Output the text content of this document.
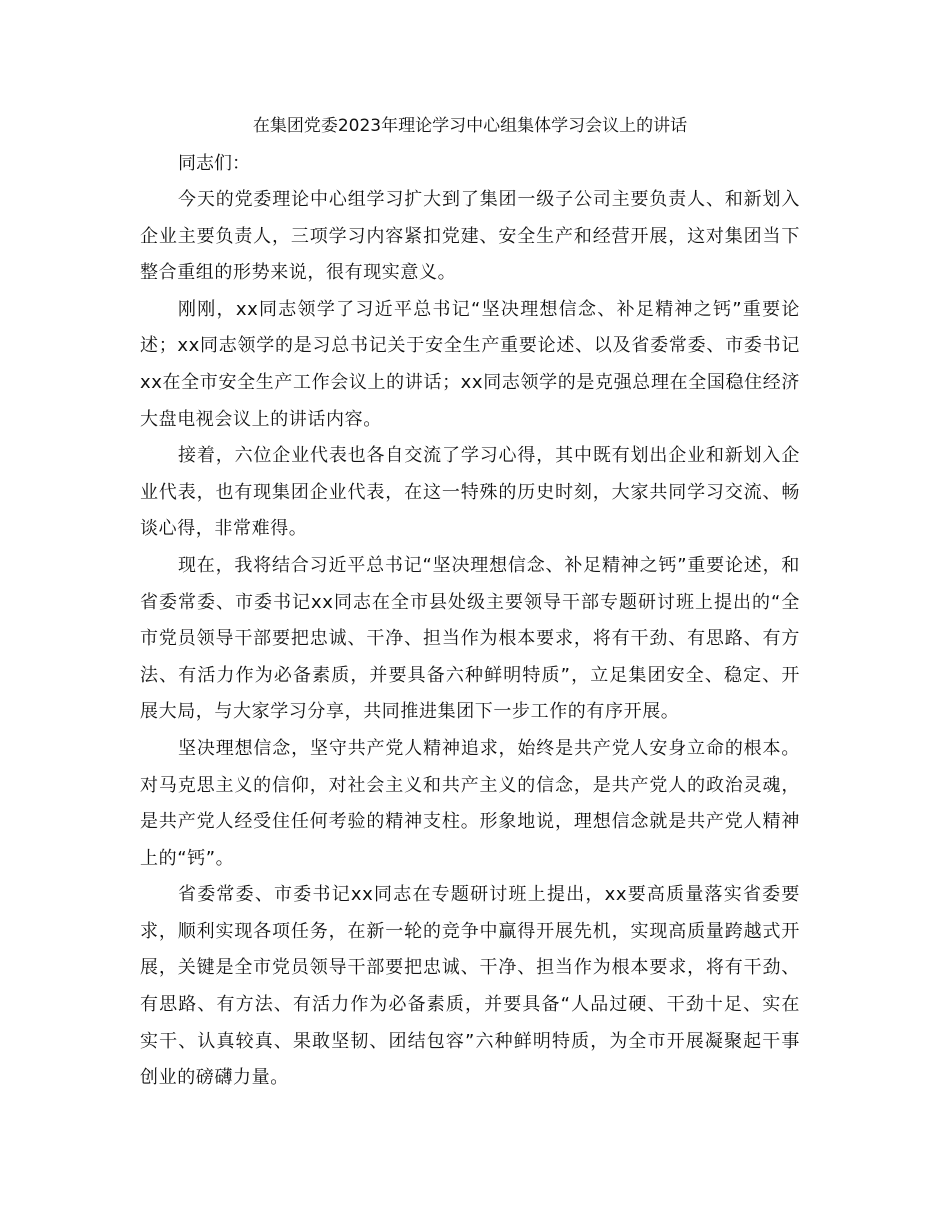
在集团党委2023年理论学习中心组集体学习会议上的讲话

同志们：

今天的党委理论中心组学习扩大到了集团一级子公司主要负责人、和新划入企业主要负责人，三项学习内容紧扣党建、安全生产和经营开展，这对集团当下整合重组的形势来说，很有现实意义。

刚刚，xx同志领学了习近平总书记“坚决理想信念、补足精神之钙”重要论述；xx同志领学的是习总书记关于安全生产重要论述、以及省委常委、市委书记xx在全市安全生产工作会议上的讲话；xx同志领学的是克强总理在全国稳住经济大盘电视会议上的讲话内容。

接着，六位企业代表也各自交流了学习心得，其中既有划出企业和新划入企业代表，也有现集团企业代表，在这一特殊的历史时刻，大家共同学习交流、畅谈心得，非常难得。

现在，我将结合习近平总书记“坚决理想信念、补足精神之钙”重要论述，和省委常委、市委书记xx同志在全市县处级主要领导干部专题研讨班上提出的“全市党员领导干部要把忠诚、干净、担当作为根本要求，将有干劲、有思路、有方法、有活力作为必备素质，并要具备六种鲜明特质”，立足集团安全、稳定、开展大局，与大家学习分享，共同推进集团下一步工作的有序开展。

坚决理想信念，坚守共产党人精神追求，始终是共产党人安身立命的根本。对马克思主义的信仰，对社会主义和共产主义的信念，是共产党人的政治灵魂，是共产党人经受住任何考验的精神支柱。形象地说，理想信念就是共产党人精神上的“钙”。

省委常委、市委书记xx同志在专题研讨班上提出，xx要高质量落实省委要求，顺利实现各项任务，在新一轮的竞争中赢得开展先机，实现高质量跨越式开展，关键是全市党员领导干部要把忠诚、干净、担当作为根本要求，将有干劲、有思路、有方法、有活力作为必备素质，并要具备“人品过硬、干劲十足、实在实干、认真较真、果敢坚韧、团结包容”六种鲜明特质，为全市开展凝聚起干事创业的磅礴力量。
